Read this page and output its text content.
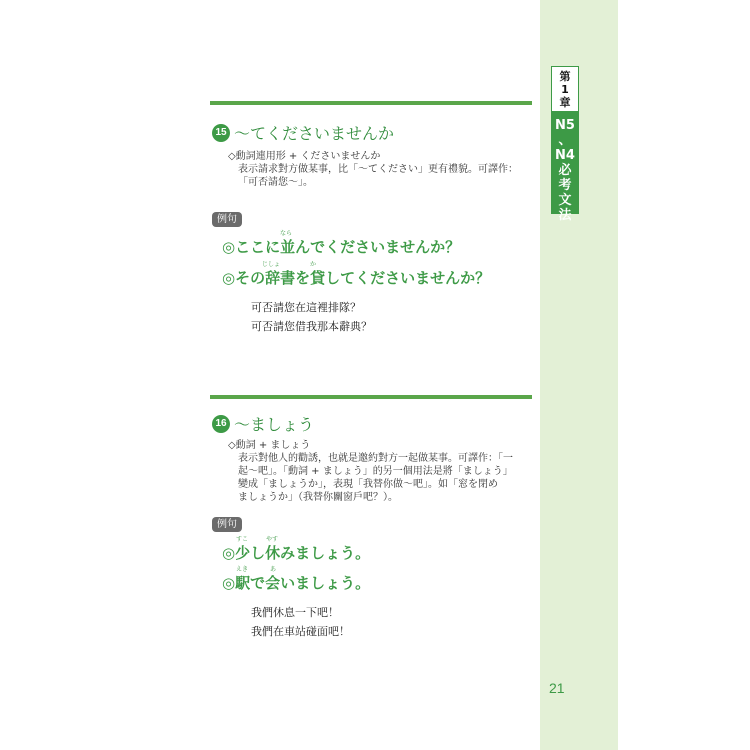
第
1
章
N5
、
N4
必
考
文
法
21
15 ～てくださいませんか
◇動詞連用形 + くださいませんか
表示請求對方做某事，比「～てください」更有禮貌。可譯作：
「可否請您～」。
例句
なら
◎ここに並んでくださいませんか？
じしょ	か
◎その辞書を貸してくださいませんか？
可否請您在這裡排隊？
可否請您借我那本辭典？
16 ～ましょう
◇動詞 + ましょう
表示對他人的勸誘，也就是邀約對方一起做某事。可譯作：「一
起～吧」。「動詞 + ましょう」的另一個用法是將「ましょう」
變成「ましょうか」，表現「我替你做～吧」。如「窓を閉め
ましょうか」（我替你關窗戶吧？）。
例句
すこ	やす
◎少し休みましょう。
えき	あ
◎駅で会いましょう。
我們休息一下吧！
我們在車站碰面吧！
